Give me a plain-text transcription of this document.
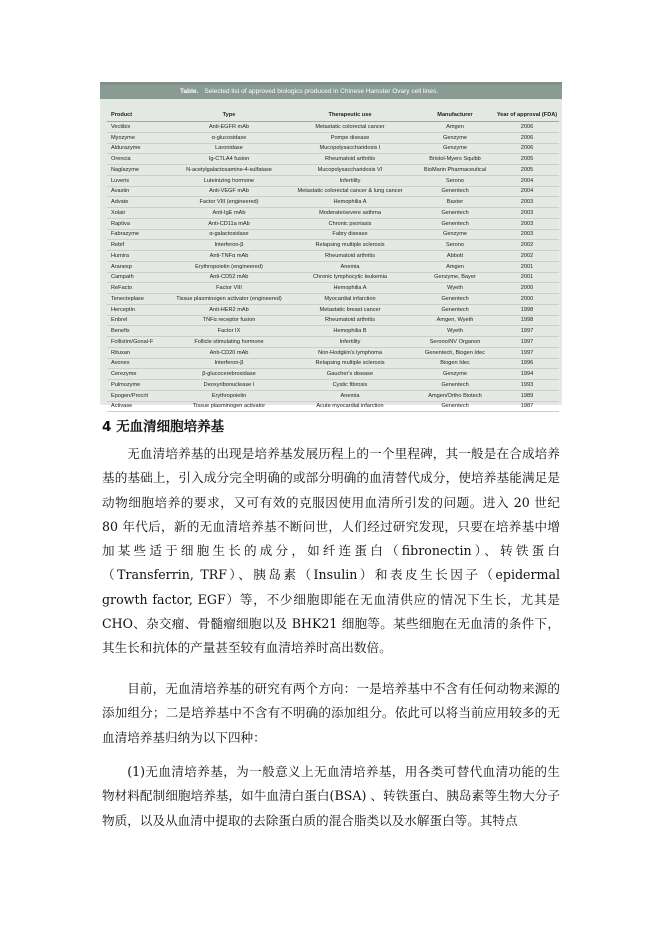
Table. Selected list of approved biologics produced in Chinese Hamster Ovary cell lines.
Product	Type	Therapeutic use	Manufacturer	Year of approval (FDA)
Vectibix	Anti-EGFR mAb	Metastatic colorectal cancer	Amgen	2006
Myozyme	α-glucosidase	Pompe disease	Genzyme	2006
Aldurazyme	Laronidase	Mucopolysaccharidosis I	Genzyme	2006
Orencia	Ig-CTLA4 fusion	Rheumatoid arthritis	Bristol-Myers Squibb	2005
Naglazyme	N-acetylgalactosamine-4-sulfatase	Mucopolysaccharidosis VI	BioMarin Pharmaceutical	2005
Luveris	Luteinizing hormone	Infertility	Serono	2004
Avastin	Anti-VEGF mAb	Metastatic colorectal cancer & lung cancer	Genentech	2004
Advate	Factor VIII (engineered)	Hemophilia A	Baxter	2003
Xolair	Anti-IgE mAb	Moderate/severe asthma	Genentech	2003
Raptiva	Anti-CD11a mAb	Chronic psoriasis	Genentech	2003
Fabrazyme	α-galactosidase	Fabry disease	Genzyme	2003
Rebif	Interferon-β	Relapsing multiple sclerosis	Serono	2002
Humira	Anti-TNFα mAb	Rheumatoid arthritis	Abbott	2002
Aranesp	Erythropoietin (engineered)	Anemia	Amgen	2001
Campath	Anti-CD52 mAb	Chronic lymphocytic leukemia	Genzyme, Bayer	2001
ReFacto	Factor VIII	Hemophilia A	Wyeth	2000
Tenecteplase	Tissue plasminogen activator (engineered)	Myocardial infarction	Genentech	2000
Herceptin	Anti-HER2 mAb	Metastatic breast cancer	Genentech	1998
Enbrel	TNFα receptor fusion	Rheumatoid arthritis	Amgen, Wyeth	1998
Benefix	Factor IX	Hemophilia B	Wyeth	1997
Follistim/Gonal-F	Follicle stimulating hormone	Infertility	Serono/NV Organon	1997
Rituxan	Anti-CD20 mAb	Non-Hodgkin's lymphoma	Genentech, Biogen Idec	1997
Avonex	Interferon-β	Relapsing multiple sclerosis	Biogen Idec	1996
Cerezyme	β-glucocerebrosidase	Gaucher's disease	Genzyme	1994
Pulmozyme	Deoxyribonuclease I	Cystic fibrosis	Genentech	1993
Epogen/Procrit	Erythropoietin	Anemia	Amgen/Ortho Biotech	1989
Activase	Tissue plasminogen activator	Acute myocardial infarction	Genentech	1987
4 无血清细胞培养基

无血清培养基的出现是培养基发展历程上的一个里程碑，其一般是在合成培养基的基础上，引入成分完全明确的或部分明确的血清替代成分，使培养基能满足是动物细胞培养的要求，又可有效的克服因使用血清所引发的问题。进入 20 世纪 80 年代后，新的无血清培养基不断问世，人们经过研究发现，只要在培养基中增加某些适于细胞生长的成分，如纤连蛋白（fibronectin）、转铁蛋白（Transferrin, TRF）、胰岛素（Insulin）和表皮生长因子（epidermal growth factor, EGF）等，不少细胞即能在无血清供应的情况下生长，尤其是 CHO、杂交瘤、骨髓瘤细胞以及 BHK21 细胞等。某些细胞在无血清的条件下，其生长和抗体的产量甚至较有血清培养时高出数倍。

目前，无血清培养基的研究有两个方向：一是培养基中不含有任何动物来源的添加组分；二是培养基中不含有不明确的添加组分。依此可以将当前应用较多的无血清培养基归纳为以下四种：

(1)无血清培养基，为一般意义上无血清培养基，用各类可替代血清功能的生物材料配制细胞培养基，如牛血清白蛋白(BSA) 、转铁蛋白、胰岛素等生物大分子物质，以及从血清中提取的去除蛋白质的混合脂类以及水解蛋白等。其特点
